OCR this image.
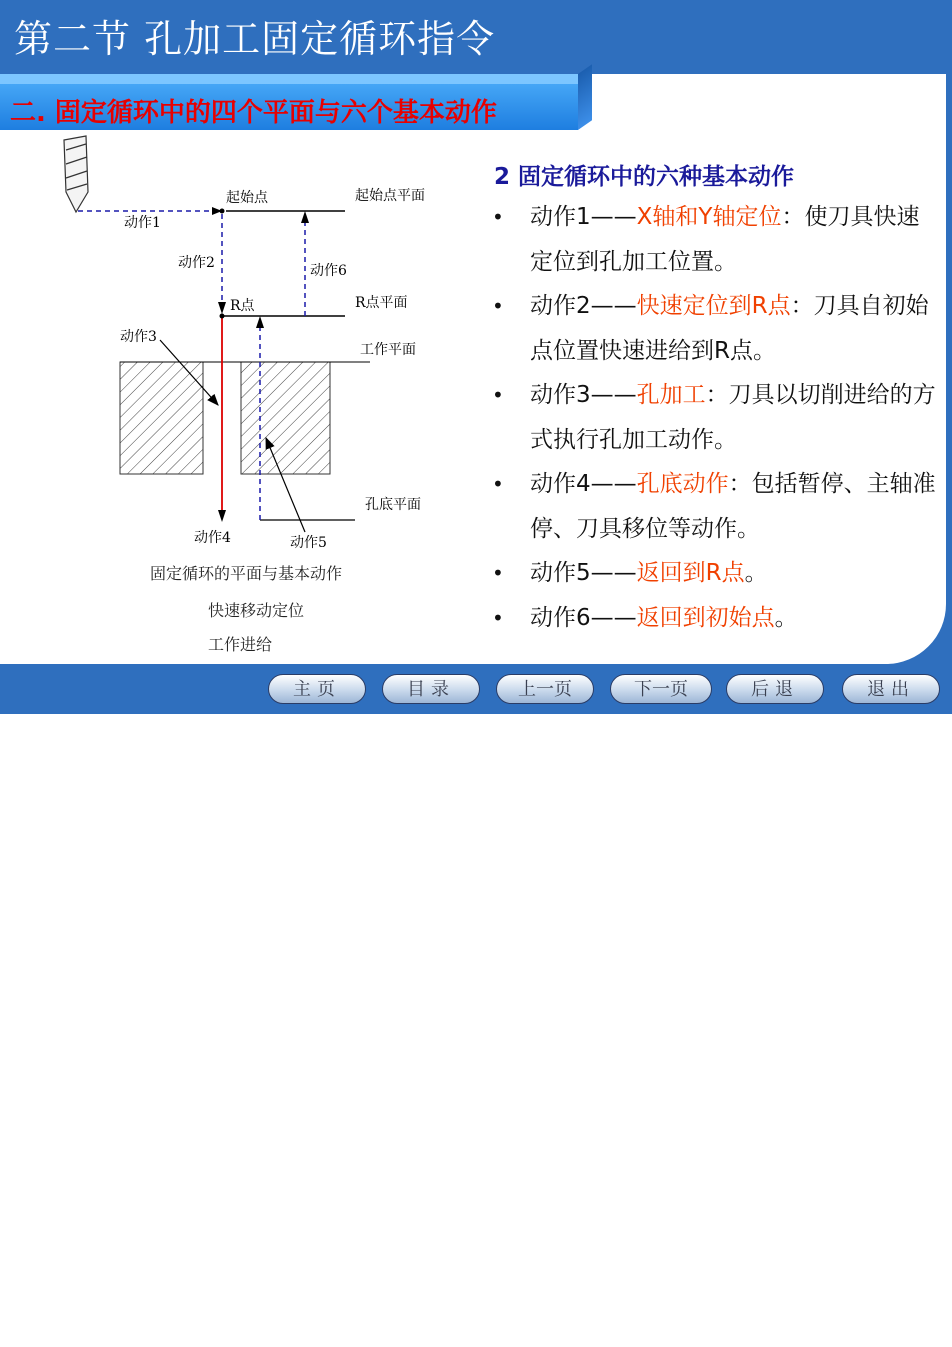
第二节 孔加工固定循环指令
二. 固定循环中的四个平面与六个基本动作
起始点	起始点平面
动作1
动作2	动作6
R点	R点平面
动作3
工作平面
孔底平面
动作4	动作5
固定循环的平面与基本动作
快速移动定位
工作进给
2 固定循环中的六种基本动作
• 动作1——X轴和Y轴定位：使刀具快速定位到孔加工位置。
• 动作2——快速定位到R点：刀具自初始点位置快速进给到R点。
• 动作3——孔加工：刀具以切削进给的方式执行孔加工动作。
• 动作4——孔底动作：包括暂停、主轴准停、刀具移位等动作。
• 动作5——返回到R点。
• 动作6——返回到初始点。
主页	目录	上一页	下一页	后退	退出
